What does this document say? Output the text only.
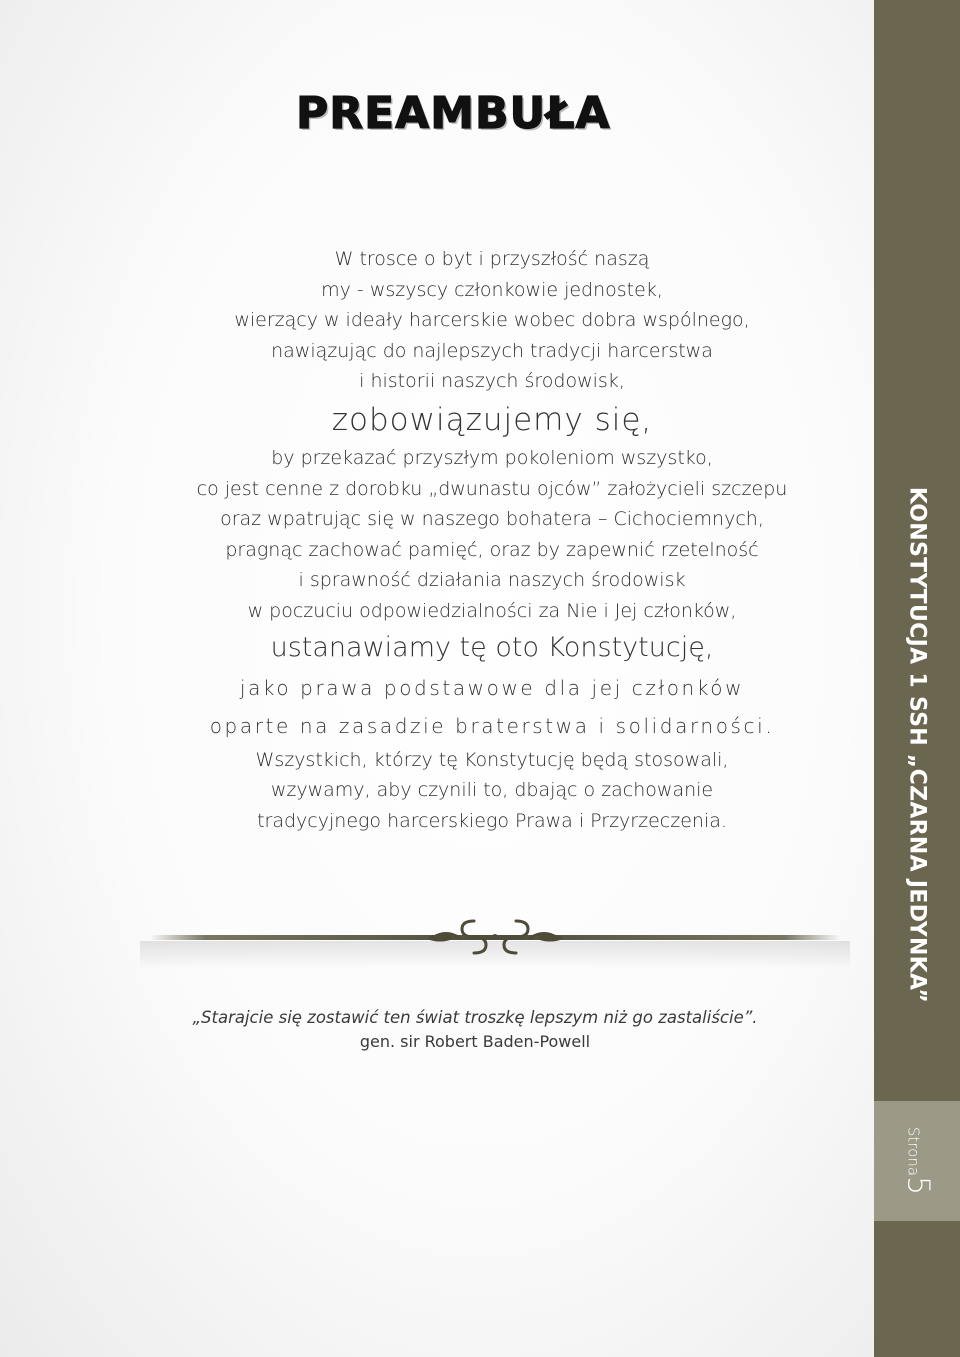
PREAMBUŁA
W trosce o byt i przyszłość naszą
my - wszyscy członkowie jednostek,
wierzący w ideały harcerskie wobec dobra wspólnego,
nawiązując do najlepszych tradycji harcerstwa
i historii naszych środowisk,
zobowiązujemy się,
by przekazać przyszłym pokoleniom wszystko,
co jest cenne z dorobku „dwunastu ojców” założycieli szczepu
oraz wpatrując się w naszego bohatera – Cichociemnych,
pragnąc zachować pamięć, oraz by zapewnić rzetelność
i sprawność działania naszych środowisk
w poczuciu odpowiedzialności za Nie i Jej członków,
ustanawiamy tę oto Konstytucję,
jako prawa podstawowe dla jej członków
oparte na zasadzie braterstwa i solidarności.
Wszystkich, którzy tę Konstytucję będą stosowali,
wzywamy, aby czynili to, dbając o zachowanie
tradycyjnego harcerskiego Prawa i Przyrzeczenia.
„Starajcie się zostawić ten świat troszkę lepszym niż go zastaliście”.
gen. sir Robert Baden-Powell
KONSTYTUCJA 1 SSH „CZARNA JEDYNKA”
Strona5
